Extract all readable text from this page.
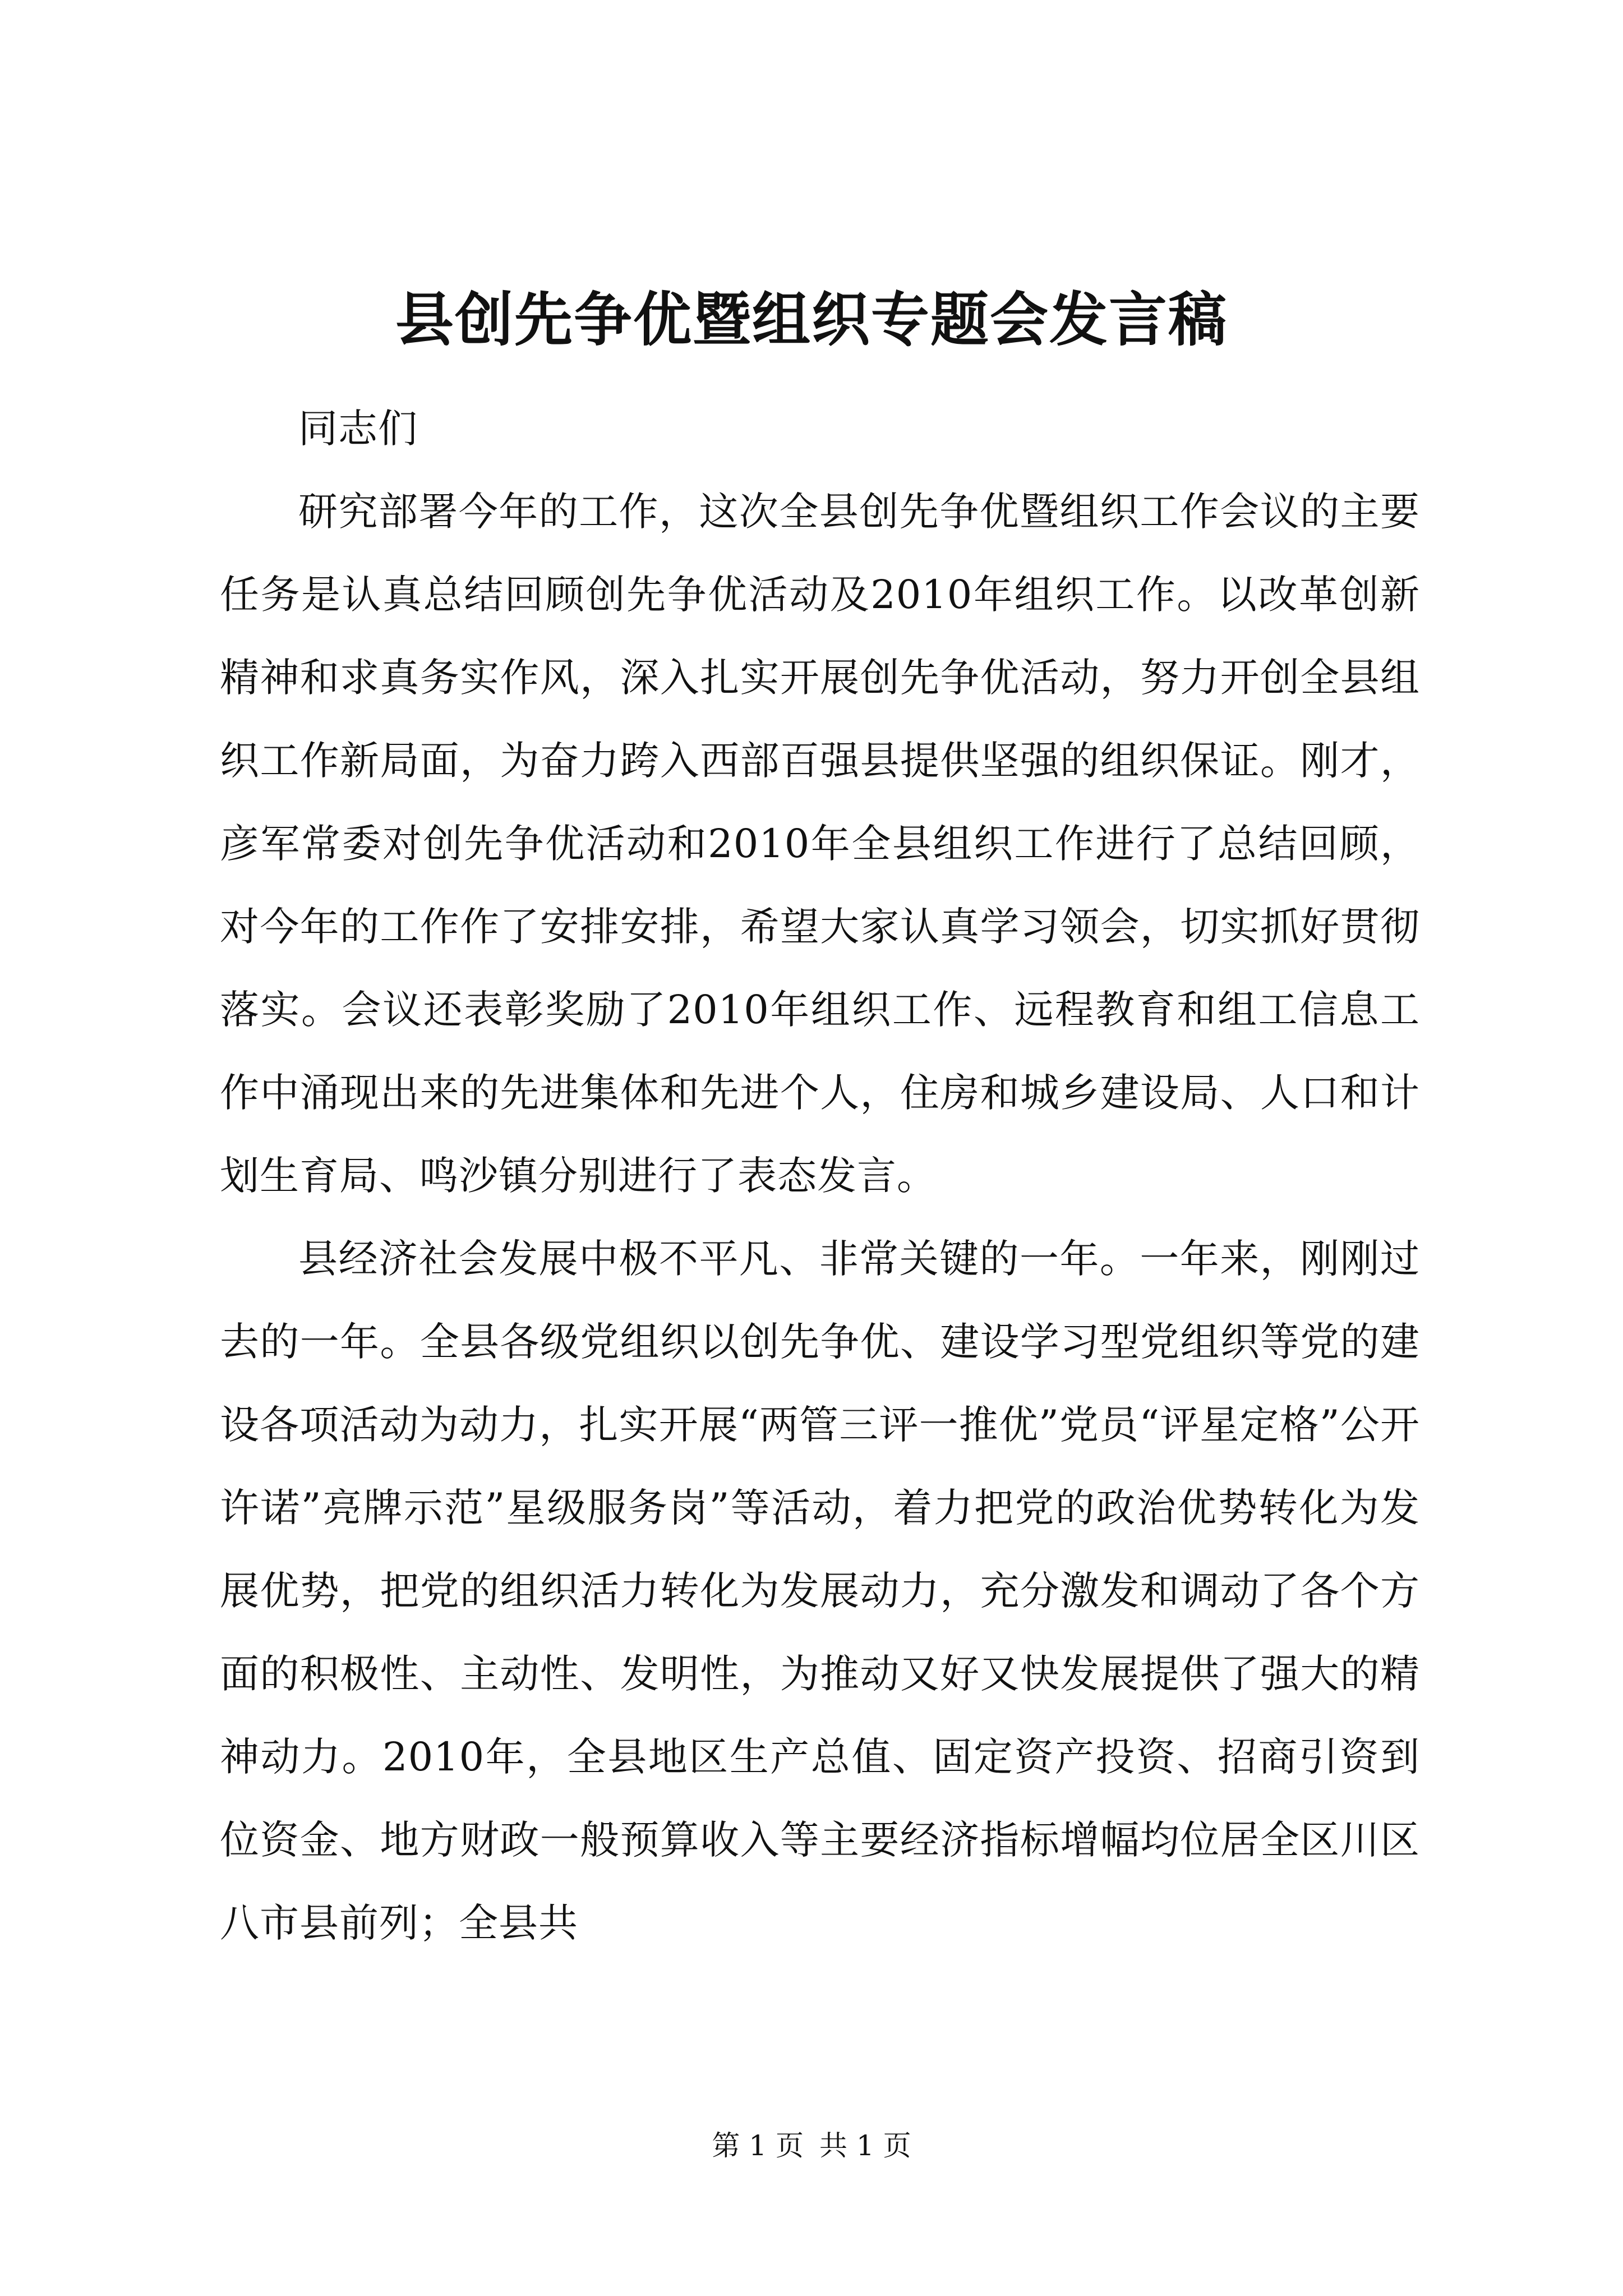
县创先争优暨组织专题会发言稿

同志们

研究部署今年的工作，这次全县创先争优暨组织工作会议的主要任务是认真总结回顾创先争优活动及2010年组织工作。以改革创新精神和求真务实作风，深入扎实开展创先争优活动，努力开创全县组织工作新局面，为奋力跨入西部百强县提供坚强的组织保证。刚才，彦军常委对创先争优活动和2010年全县组织工作进行了总结回顾，对今年的工作作了安排安排，希望大家认真学习领会，切实抓好贯彻落实。会议还表彰奖励了2010年组织工作、远程教育和组工信息工作中涌现出来的先进集体和先进个人，住房和城乡建设局、人口和计划生育局、鸣沙镇分别进行了表态发言。

县经济社会发展中极不平凡、非常关键的一年。一年来，刚刚过去的一年。全县各级党组织以创先争优、建设学习型党组织等党的建设各项活动为动力，扎实开展“两管三评一推优”党员“评星定格”公开许诺”亮牌示范”星级服务岗”等活动，着力把党的政治优势转化为发展优势，把党的组织活力转化为发展动力，充分激发和调动了各个方面的积极性、主动性、发明性，为推动又好又快发展提供了强大的精神动力。2010年，全县地区生产总值、固定资产投资、招商引资到位资金、地方财政一般预算收入等主要经济指标增幅均位居全区川区八市县前列；全县共

第 1 页 共 1 页
